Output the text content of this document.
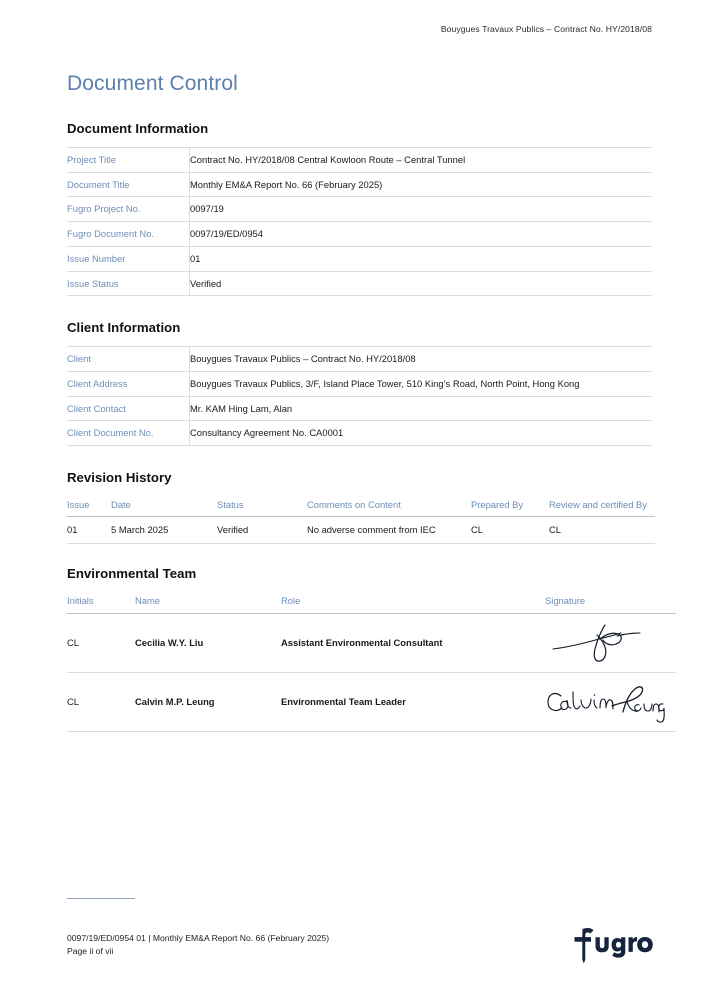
Bouygues Travaux Publics – Contract No. HY/2018/08
Document Control
Document Information
Project Title	Contract No. HY/2018/08 Central Kowloon Route – Central Tunnel
Document Title	Monthly EM&A Report No. 66 (February 2025)
Fugro Project No.	0097/19
Fugro Document No.	0097/19/ED/0954
Issue Number	01
Issue Status	Verified
Client Information
Client	Bouygues Travaux Publics – Contract No. HY/2018/08
Client Address	Bouygues Travaux Publics, 3/F, Island Place Tower, 510 King’s Road, North Point, Hong Kong
Client Contact	Mr. KAM Hing Lam, Alan
Client Document No.	Consultancy Agreement No. CA0001
Revision History
Issue	Date	Status	Comments on Content	Prepared By	Review and certified By
01	5 March 2025	Verified	No adverse comment from IEC	CL	CL
Environmental Team
Initials	Name	Role	Signature
CL	Cecilia W.Y. Liu	Assistant Environmental Consultant	

CL	Calvin M.P. Leung	Environmental Team Leader	
0097/19/ED/0954 01 | Monthly EM&A Report No. 66 (February 2025)
Page ii of vii
